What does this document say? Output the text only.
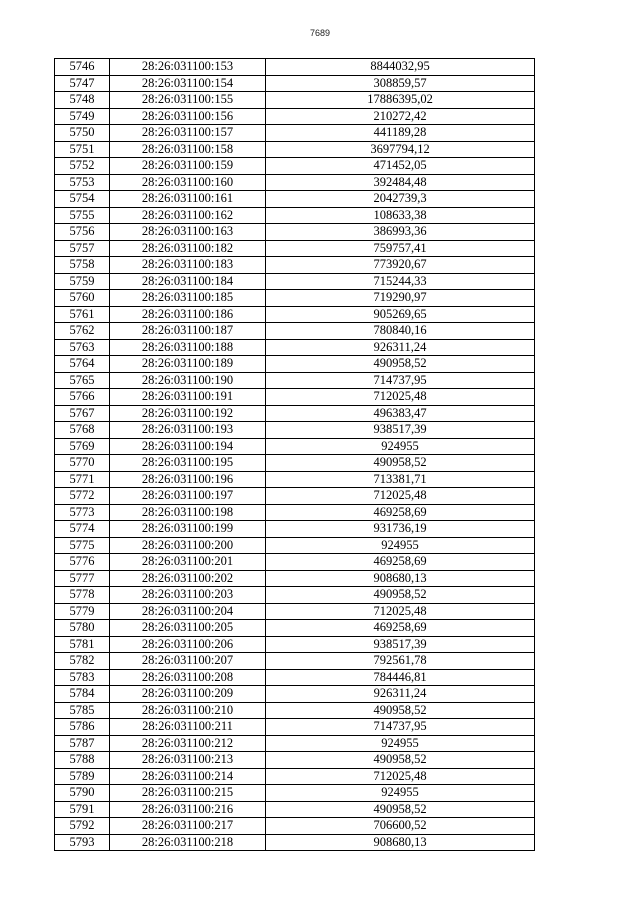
7689
5746	28:26:031100:153	8844032,95
5747	28:26:031100:154	308859,57
5748	28:26:031100:155	17886395,02
5749	28:26:031100:156	210272,42
5750	28:26:031100:157	441189,28
5751	28:26:031100:158	3697794,12
5752	28:26:031100:159	471452,05
5753	28:26:031100:160	392484,48
5754	28:26:031100:161	2042739,3
5755	28:26:031100:162	108633,38
5756	28:26:031100:163	386993,36
5757	28:26:031100:182	759757,41
5758	28:26:031100:183	773920,67
5759	28:26:031100:184	715244,33
5760	28:26:031100:185	719290,97
5761	28:26:031100:186	905269,65
5762	28:26:031100:187	780840,16
5763	28:26:031100:188	926311,24
5764	28:26:031100:189	490958,52
5765	28:26:031100:190	714737,95
5766	28:26:031100:191	712025,48
5767	28:26:031100:192	496383,47
5768	28:26:031100:193	938517,39
5769	28:26:031100:194	924955
5770	28:26:031100:195	490958,52
5771	28:26:031100:196	713381,71
5772	28:26:031100:197	712025,48
5773	28:26:031100:198	469258,69
5774	28:26:031100:199	931736,19
5775	28:26:031100:200	924955
5776	28:26:031100:201	469258,69
5777	28:26:031100:202	908680,13
5778	28:26:031100:203	490958,52
5779	28:26:031100:204	712025,48
5780	28:26:031100:205	469258,69
5781	28:26:031100:206	938517,39
5782	28:26:031100:207	792561,78
5783	28:26:031100:208	784446,81
5784	28:26:031100:209	926311,24
5785	28:26:031100:210	490958,52
5786	28:26:031100:211	714737,95
5787	28:26:031100:212	924955
5788	28:26:031100:213	490958,52
5789	28:26:031100:214	712025,48
5790	28:26:031100:215	924955
5791	28:26:031100:216	490958,52
5792	28:26:031100:217	706600,52
5793	28:26:031100:218	908680,13
